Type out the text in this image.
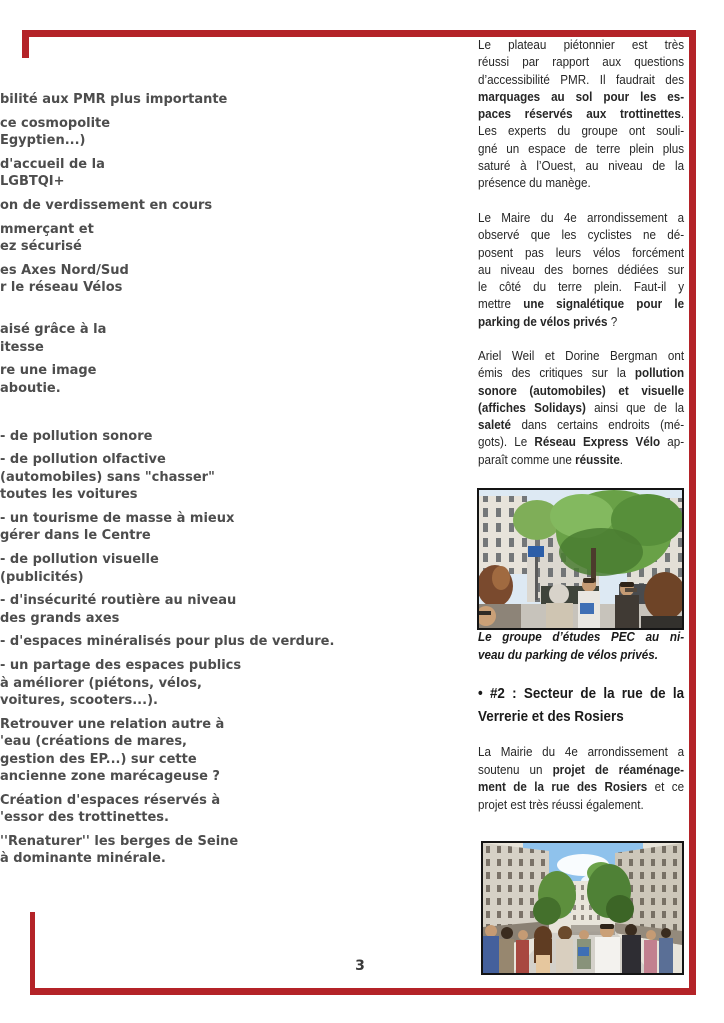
bilité aux PMR plus importante
ce cosmopolite
Egyptien...)
d'accueil de la
LGBTQI+
on de verdissement en cours
mmerçant et
ez sécurisé
es Axes Nord/Sud
r le réseau Vélos
aisé grâce à la
itesse
re une image
aboutie.
- de pollution sonore
- de pollution olfactive
(automobiles) sans "chasser"
toutes les voitures
- un tourisme de masse à mieux
gérer dans le Centre
- de pollution visuelle
(publicités)
- d'insécurité routière au niveau
des grands axes
- d'espaces minéralisés pour plus de verdure.
- un partage des espaces publics
à améliorer (piétons, vélos,
voitures, scooters...).
Retrouver une relation autre à
'eau (créations de mares,
gestion des EP...) sur cette
ancienne zone marécageuse ?
Création d'espaces réservés à
'essor des trottinettes.
''Renaturer'' les berges de Seine
à dominante minérale.
Le plateau piétonnier est très
réussi par rapport aux questions
d’accessibilité PMR. Il faudrait des
marquages au sol pour les es-
paces réservés aux trottinettes.
Les experts du groupe ont souli-
gné un espace de terre plein plus
saturé à l’Ouest, au niveau de la
présence du manège.
Le Maire du 4e arrondissement a
observé que les cyclistes ne dé-
posent pas leurs vélos forcément
au niveau des bornes dédiées sur
le côté du terre plein. Faut-il y
mettre une signalétique pour le
parking de vélos privés ?
Ariel Weil et Dorine Bergman ont
émis des critiques sur la pollution
sonore (automobiles) et visuelle
(affiches Solidays) ainsi que de la
saleté dans certains endroits (mé-
gots). Le Réseau Express Vélo ap-
paraît comme une réussite.
Le groupe d’études PEC au ni-
veau du parking de vélos privés.
• #2 : Secteur de la rue de la
Verrerie et des Rosiers
La Mairie du 4e arrondissement a
soutenu un projet de réaménage-
ment de la rue des Rosiers et ce
projet est très réussi également.
3
